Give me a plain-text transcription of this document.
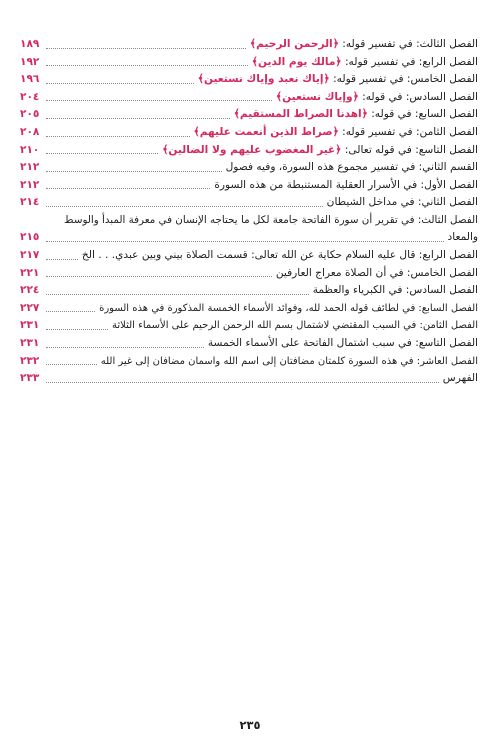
الفصل الثالث: في تفسير قوله: ﴿الرحمن الرحيم﴾
١٨٩
الفصل الرابع: في تفسير قوله: ﴿مالك يوم الدين﴾
١٩٢
الفصل الخامس: في تفسير قوله: ﴿إياك نعبد وإياك نستعين﴾
١٩٦
الفصل السادس: في قوله: ﴿وإياك نستعين﴾
٢٠٤
الفصل السابع: في قوله: ﴿اهدنا الصراط المستقيم﴾
٢٠٥
الفصل الثامن: في تفسير قوله: ﴿صراط الذين أنعمت عليهم﴾
٢٠٨
الفصل التاسع: في قوله تعالى: ﴿غير المغضوب عليهم ولا الضالين﴾
٢١٠
القسم الثاني: في تفسير مجموع هذه السورة، وفيه فصول
٢١٢
الفصل الأول: في الأسرار العقلية المستنبطة من هذه السورة
٢١٢
الفصل الثاني: في مداخل الشيطان
٢١٤
الفصل الثالث: في تقرير أن سورة الفاتحة جامعة لكل ما يحتاجه الإنسان في معرفة المبدأ والوسط
والمعاد
٢١٥
الفصل الرابع: قال عليه السلام حكاية عن الله تعالى: قسمت الصلاة بيني وبين عبدي. . . الخ
٢١٧
الفصل الخامس: في أن الصلاة معراج العارفين
٢٢١
الفصل السادس: في الكبرياء والعظمة
٢٢٤
الفصل السابع: في لطائف قوله الحمد لله، وفوائد الأسماء الخمسة المذكورة في هذه السورة
٢٢٧
الفصل الثامن: في السبب المقتضي لاشتمال بسم الله الرحمن الرحيم على الأسماء الثلاثة
٢٣١
الفصل التاسع: في سبب اشتمال الفاتحة على الأسماء الخمسة
٢٣١
الفصل العاشر: في هذه السورة كلمتان مضافتان إلى اسم الله واسمان مضافان إلى غير الله
٢٣٢
الفهرس
٢٣٣
٢٣٥
